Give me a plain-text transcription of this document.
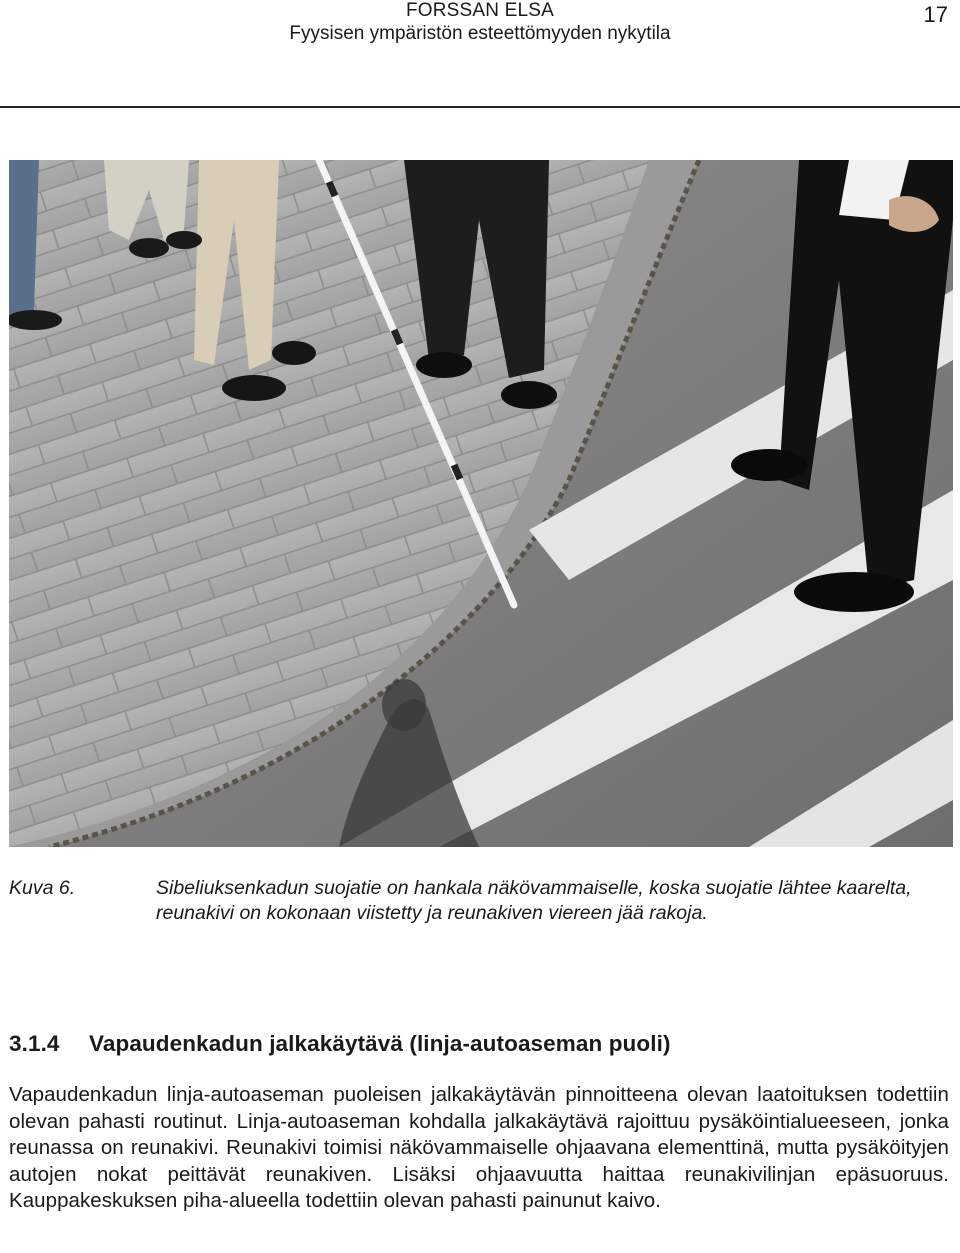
FORSSAN ELSA
Fyysisen ympäristön esteettömyyden nykytila
17
Kuva 6.	Sibeliuksenkadun suojatie on hankala näkövammaiselle, koska suojatie lähtee kaarelta, reunakivi on kokonaan viistetty ja reunakiven viereen jää rakoja.
3.1.4 Vapaudenkadun jalkakäytävä (linja-autoaseman puoli)
Vapaudenkadun linja-autoaseman puoleisen jalkakäytävän pinnoitteena olevan laatoituksen todettiin olevan pahasti routinut. Linja-autoaseman kohdalla jalkakäytävä rajoittuu pysäköintialueeseen, jonka reunassa on reunakivi. Reunakivi toimisi näkövammaiselle ohjaavana elementtinä, mutta pysäköityjen autojen nokat peittävät reunakiven. Lisäksi ohjaavuutta haittaa reunakivilinjan epäsuoruus. Kauppakeskuksen piha-alueella todettiin olevan pahasti painunut kaivo.
